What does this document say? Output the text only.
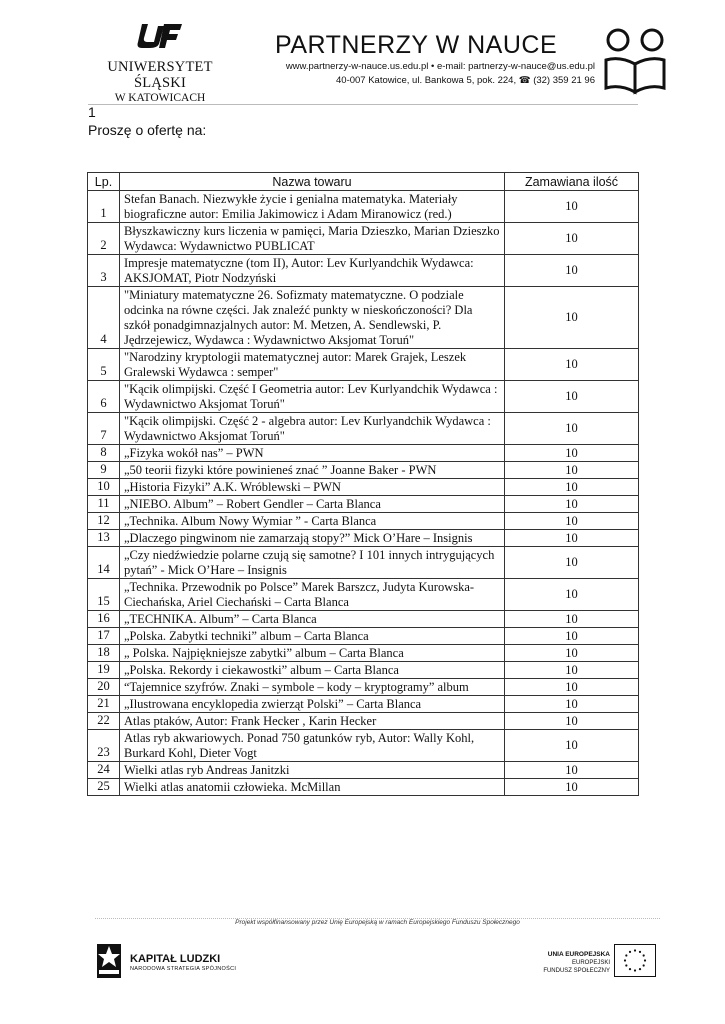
UNIWERSYTET ŚLĄSKI
W KATOWICACH
PARTNERZY W NAUCE
www.partnerzy-w-nauce.us.edu.pl • e-mail: partnerzy-w-nauce@us.edu.pl
40-007 Katowice, ul. Bankowa 5, pok. 224, ☎ (32) 359 21 96
1
Proszę o ofertę na:
Lp.	Nazwa towaru	Zamawiana ilość
1	Stefan Banach. Niezwykłe życie i genialna matematyka. Materiały biograficzne autor: Emilia Jakimowicz i Adam Miranowicz (red.)	10
2	Błyszkawiczny kurs liczenia w pamięci, Maria Dzieszko, Marian Dzieszko Wydawca: Wydawnictwo PUBLICAT	10
3	Impresje matematyczne (tom II), Autor: Lev Kurlyandchik Wydawca: AKSJOMAT, Piotr Nodzyński	10
4	"Miniatury matematyczne 26. Sofizmaty matematyczne. O podziale odcinka na równe części. Jak znaleźć punkty w nieskończoności? Dla szkół ponadgimnazjalnych autor: M. Metzen, A. Sendlewski, P. Jędrzejewicz, Wydawca : Wydawnictwo Aksjomat Toruń"	10
5	"Narodziny kryptologii matematycznej autor: Marek Grajek, Leszek Gralewski Wydawca : semper"	10
6	"Kącik olimpijski. Część I Geometria autor: Lev Kurlyandchik Wydawca : Wydawnictwo Aksjomat Toruń"	10
7	"Kącik olimpijski. Część 2 - algebra autor: Lev Kurlyandchik Wydawca : Wydawnictwo Aksjomat Toruń"	10
8	„Fizyka wokół nas” – PWN	10
9	„50 teorii fizyki które powinieneś znać ” Joanne Baker - PWN	10
10	„Historia Fizyki” A.K. Wróblewski – PWN	10
11	„NIEBO. Album” – Robert Gendler – Carta Blanca	10
12	„Technika. Album Nowy Wymiar ” - Carta Blanca	10
13	„Dlaczego pingwinom nie zamarzają stopy?” Mick O’Hare – Insignis	10
14	„Czy niedźwiedzie polarne czują się samotne? I 101 innych intrygujących pytań” - Mick O’Hare – Insignis	10
15	„Technika. Przewodnik po Polsce” Marek Barszcz, Judyta Kurowska-Ciechańska, Ariel Ciechański – Carta Blanca	10
16	„TECHNIKA. Album” – Carta Blanca	10
17	„Polska. Zabytki techniki” album – Carta Blanca	10
18	„ Polska. Najpiękniejsze zabytki” album – Carta Blanca	10
19	„Polska. Rekordy i ciekawostki” album – Carta Blanca	10
20	“Tajemnice szyfrów. Znaki – symbole – kody – kryptogramy” album	10
21	„Ilustrowana encyklopedia zwierząt Polski” – Carta Blanca	10
22	Atlas ptaków, Autor: Frank Hecker , Karin Hecker	10
23	Atlas ryb akwariowych. Ponad 750 gatunków ryb, Autor: Wally Kohl, Burkard Kohl, Dieter Vogt	10
24	Wielki atlas ryb Andreas Janitzki	10
25	Wielki atlas anatomii człowieka. McMillan	10
Projekt współfinansowany przez Unię Europejską w ramach Europejskiego Funduszu Społecznego
KAPITAŁ LUDZKI
NARODOWA STRATEGIA SPÓJNOŚCI
UNIA EUROPEJSKA
EUROPEJSKI
FUNDUSZ SPOŁECZNY
